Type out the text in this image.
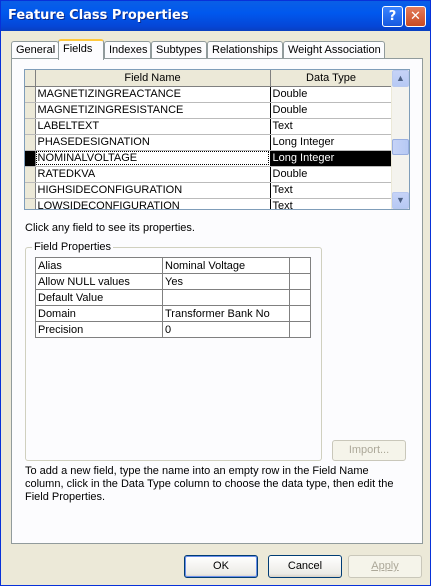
Feature Class Properties	?	✕
General Fields	Indexes Subtypes Relationships Weight Association
	Field Name	Data Type
	MAGNETIZINGREACTANCE	Double
	MAGNETIZINGRESISTANCE	Double
	LABELTEXT	Text
	PHASEDESIGNATION	Long Integer
	NOMINALVOLTAGE	Long Integer
	RATEDKVA	Double
	HIGHSIDECONFIGURATION	Text
	LOWSIDECONFIGURATION	Text
▲
▼
Click any field to see its properties.
Field Properties
Alias	Nominal Voltage	
Allow NULL values	Yes	
Default Value		
Domain	Transformer Bank No	
Precision	0	
Import...
To add a new field, type the name into an empty row in the Field Name column, click in the Data Type column to choose the data type, then edit the Field Properties.
OK	Cancel	Apply
